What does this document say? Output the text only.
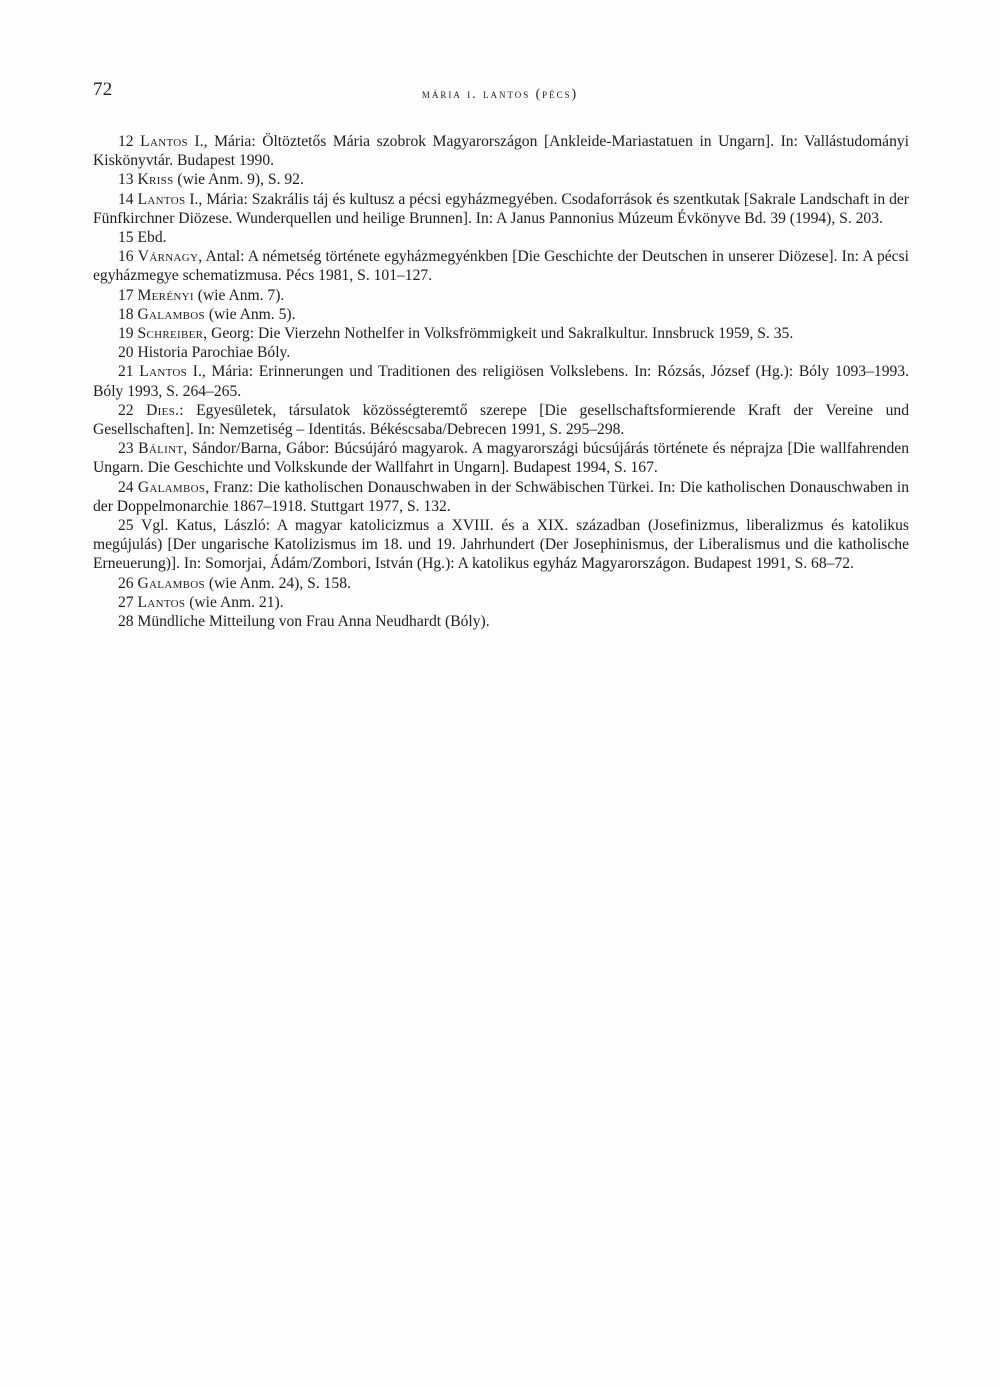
72	mária i. lantos (pécs)

12 Lantos I., Mária: Öltöztetős Mária szobrok Magyarországon [Ankleide-Mariastatuen in Ungarn]. In: Vallástudományi Kiskönyvtár. Budapest 1990.

13 Kriss (wie Anm. 9), S. 92.

14 Lantos I., Mária: Szakrális táj és kultusz a pécsi egyházmegyében. Csodaforrások és szentkutak [Sakrale Landschaft in der Fünfkirchner Diözese. Wunderquellen und heilige Brunnen]. In: A Janus Pannonius Múzeum Évkönyve Bd. 39 (1994), S. 203.

15 Ebd.

16 Várnagy, Antal: A németség története egyházmegyénkben [Die Geschichte der Deutschen in unserer Diözese]. In: A pécsi egyházmegye schematizmusa. Pécs 1981, S. 101–127.

17 Merényi (wie Anm. 7).

18 Galambos (wie Anm. 5).

19 Schreiber, Georg: Die Vierzehn Nothelfer in Volksfrömmigkeit und Sakralkultur. Innsbruck 1959, S. 35.

20 Historia Parochiae Bóly.

21 Lantos I., Mária: Erinnerungen und Traditionen des religiösen Volkslebens. In: Rózsás, József (Hg.): Bóly 1093–1993. Bóly 1993, S. 264–265.

22 Dies.: Egyesületek, társulatok közösségteremtő szerepe [Die gesellschaftsformierende Kraft der Vereine und Gesellschaften]. In: Nemzetiség – Identitás. Békéscsaba/Debrecen 1991, S. 295–298.

23 Bálint, Sándor/Barna, Gábor: Búcsújáró magyarok. A magyarországi búcsújárás története és néprajza [Die wallfahrenden Ungarn. Die Geschichte und Volkskunde der Wallfahrt in Ungarn]. Budapest 1994, S. 167.

24 Galambos, Franz: Die katholischen Donauschwaben in der Schwäbischen Türkei. In: Die katholischen Donauschwaben in der Doppelmonarchie 1867–1918. Stuttgart 1977, S. 132.

25 Vgl. Katus, László: A magyar katolicizmus a XVIII. és a XIX. században (Josefinizmus, liberalizmus és katolikus megújulás) [Der ungarische Katolizismus im 18. und 19. Jahrhundert (Der Josephinismus, der Liberalismus und die katholische Erneuerung)]. In: Somorjai, Ádám/Zombori, István (Hg.): A katolikus egyház Magyarországon. Budapest 1991, S. 68–72.

26 Galambos (wie Anm. 24), S. 158.

27 Lantos (wie Anm. 21).

28 Mündliche Mitteilung von Frau Anna Neudhardt (Bóly).
